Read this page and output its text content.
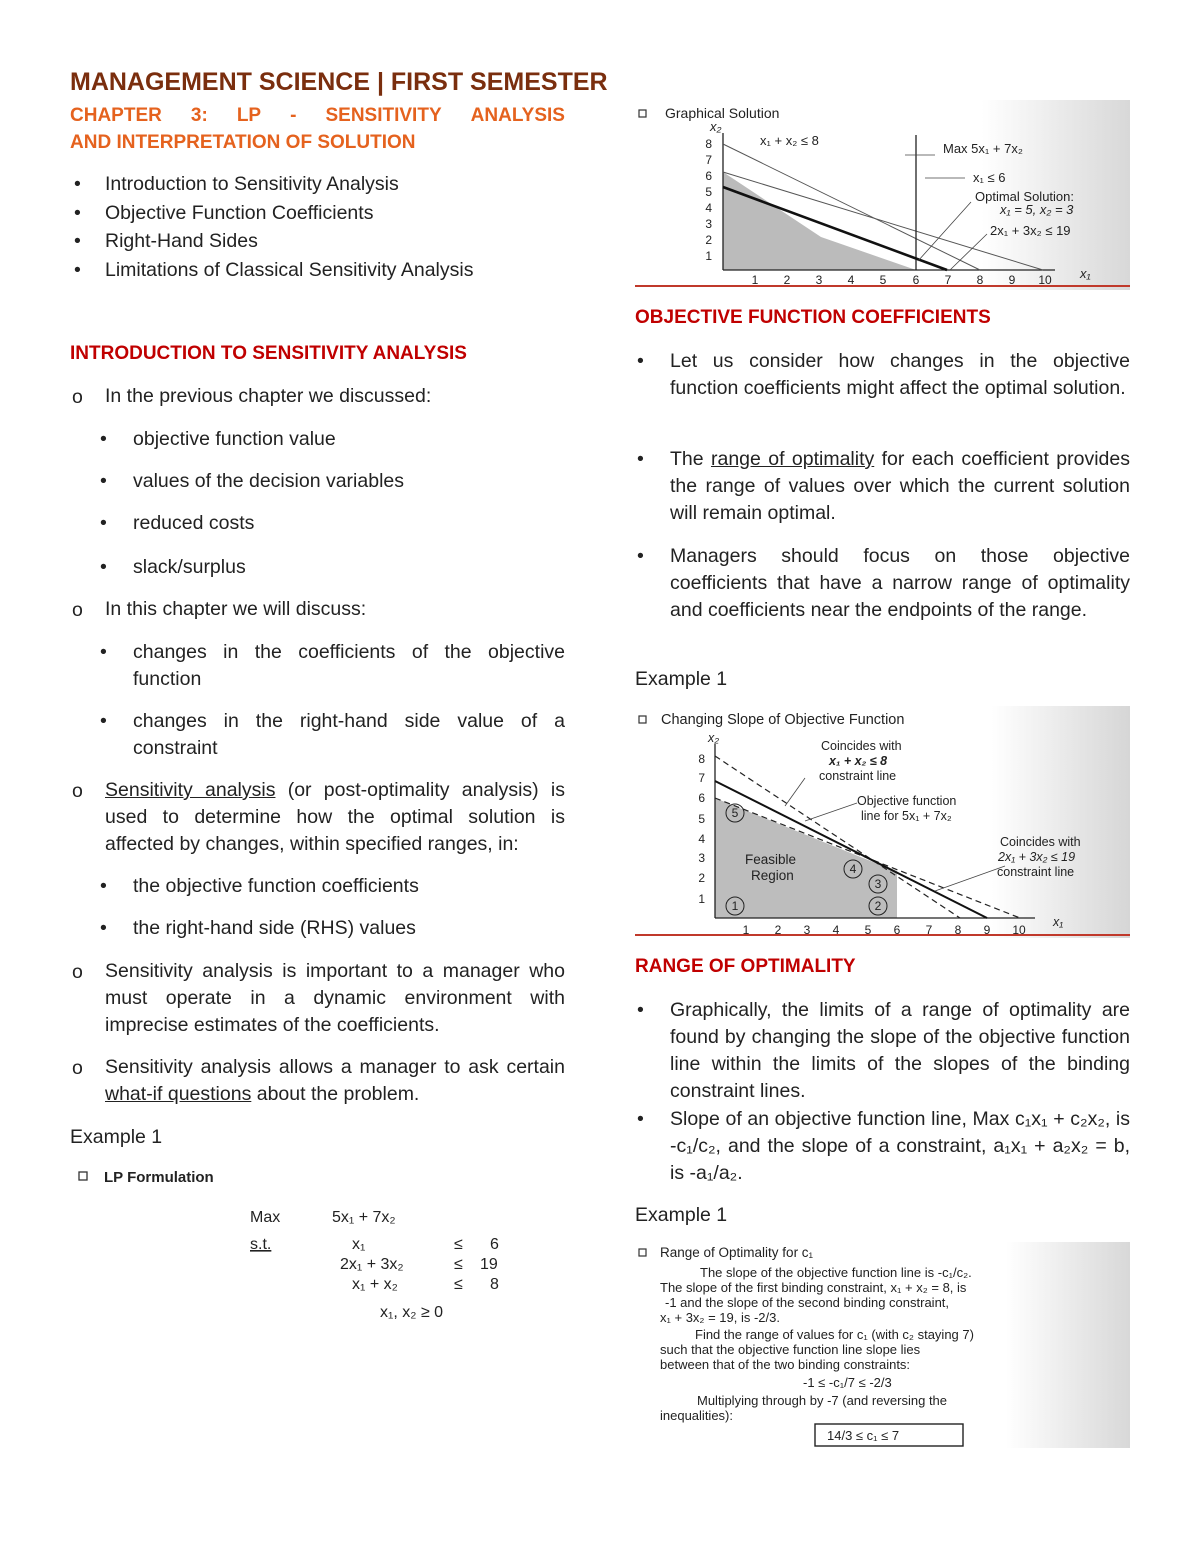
MANAGEMENT SCIENCE | FIRST SEMESTER
CHAPTER 3: LP - SENSITIVITY ANALYSIS
AND INTERPRETATION OF SOLUTION
• Introduction to Sensitivity Analysis
• Objective Function Coefficients
• Right-Hand Sides
• Limitations of Classical Sensitivity Analysis
INTRODUCTION TO SENSITIVITY ANALYSIS
o In the previous chapter we discussed:
• objective function value
• values of the decision variables
• reduced costs
• slack/surplus
o In this chapter we will discuss:
• changes in the coefficients of the objective function
• changes in the right-hand side value of a constraint
o Sensitivity analysis (or post-optimality analysis) is used to determine how the optimal solution is affected by changes, within specified ranges, in:
• the objective function coefficients
• the right-hand side (RHS) values
o Sensitivity analysis is important to a manager who must operate in a dynamic environment with imprecise estimates of the coefficients.
o Sensitivity analysis allows a manager to ask certain what-if questions about the problem.
Example 1
LP Formulation
Max	5x₁ + 7x₂
s.t.	x₁	≤ 6
2x₁ + 3x₂	≤ 19
x₁ + x₂	≤ 8
x₁, x₂ ≥ 0
Graphical Solution
x₂
x₁
x₁ + x₂ ≤ 8
Max 5x₁ + 7x₂
x₁ ≤ 6
Optimal Solution:
x₁ = 5, x₂ = 3
2x₁ + 3x₂ ≤ 19
1 2 3 4 5 6 7 8 9 10
1
2
3
4
5
6
7
8
OBJECTIVE FUNCTION COEFFICIENTS
• Let us consider how changes in the objective function coefficients might affect the optimal solution.
• The range of optimality for each coefficient provides the range of values over which the current solution will remain optimal.
• Managers should focus on those objective coefficients that have a narrow range of optimality and coefficients near the endpoints of the range.
Example 1
Changing Slope of Objective Function
1	2
3
4
5
x₂
x₁
Coincides with
x₁ + x₂ ≤ 8
constraint line
Objective function
line for 5x₁ + 7x₂
Coincides with
2x₁ + 3x₂ ≤ 19
constraint line
Feasible
Region
1 2 3 4 5 6 7 8 9 10
1
2
3
4
5
6
7
8
RANGE OF OPTIMALITY
• Graphically, the limits of a range of optimality are found by changing the slope of the objective function line within the limits of the slopes of the binding constraint lines.
• Slope of an objective function line, Max c₁x₁ + c₂x₂, is -c₁/c₂, and the slope of a constraint, a₁x₁ + a₂x₂ = b, is -a₁/a₂.
Example 1
Range of Optimality for c₁
The slope of the objective function line is -c₁/c₂.
The slope of the first binding constraint, x₁ + x₂ = 8, is
-1 and the slope of the second binding constraint,
x₁ + 3x₂ = 19, is -2/3.
Find the range of values for c₁ (with c₂ staying 7)
such that the objective function line slope lies
between that of the two binding constraints:
-1 ≤ -c₁/7 ≤ -2/3
Multiplying through by -7 (and reversing the
inequalities):
14/3 ≤ c₁ ≤ 7
